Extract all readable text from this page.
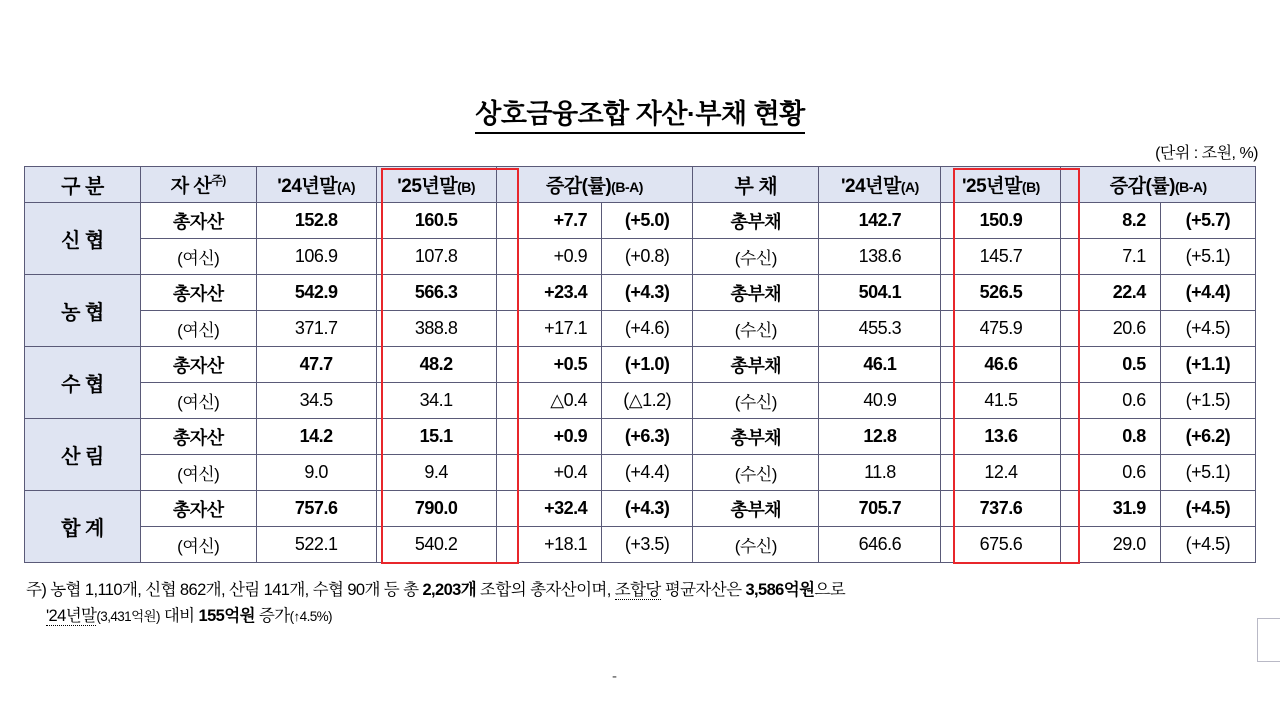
상호금융조합 자산·부채 현황
(단위 : 조원, %)
구 분	자 산$^{주)}$	'24년말(A)	'25년말(B)	증감(률)(B-A)		부 채	'24년말(A)	'25년말(B)	증감(률)(B-A)	
신 협	총자산	152.8	160.5	+7.7	(+5.0)	총부채	142.7	150.9	8.2	(+5.7)
	(여신)	106.9	107.8	+0.9	(+0.8)	(수신)	138.6	145.7	7.1	(+5.1)
농 협	총자산	542.9	566.3	+23.4	(+4.3)	총부채	504.1	526.5	22.4	(+4.4)
	(여신)	371.7	388.8	+17.1	(+4.6)	(수신)	455.3	475.9	20.6	(+4.5)
수 협	총자산	47.7	48.2	+0.5	(+1.0)	총부채	46.1	46.6	0.5	(+1.1)
	(여신)	34.5	34.1	△0.4	(△1.2)	(수신)	40.9	41.5	0.6	(+1.5)
산 림	총자산	14.2	15.1	+0.9	(+6.3)	총부채	12.8	13.6	0.8	(+6.2)
	(여신)	9.0	9.4	+0.4	(+4.4)	(수신)	11.8	12.4	0.6	(+5.1)
합 계	총자산	757.6	790.0	+32.4	(+4.3)	총부채	705.7	737.6	31.9	(+4.5)
	(여신)	522.1	540.2	+18.1	(+3.5)	(수신)	646.6	675.6	29.0	(+4.5)
주) 농협 1,110개, 신협 862개, 산림 141개, 수협 90개 등 총 2,203개 조합의 총자산이며, 조합당 평균자산은 3,586억원으로
'24년말(3,431억원) 대비 155억원 증가(↑4.5%)
-
